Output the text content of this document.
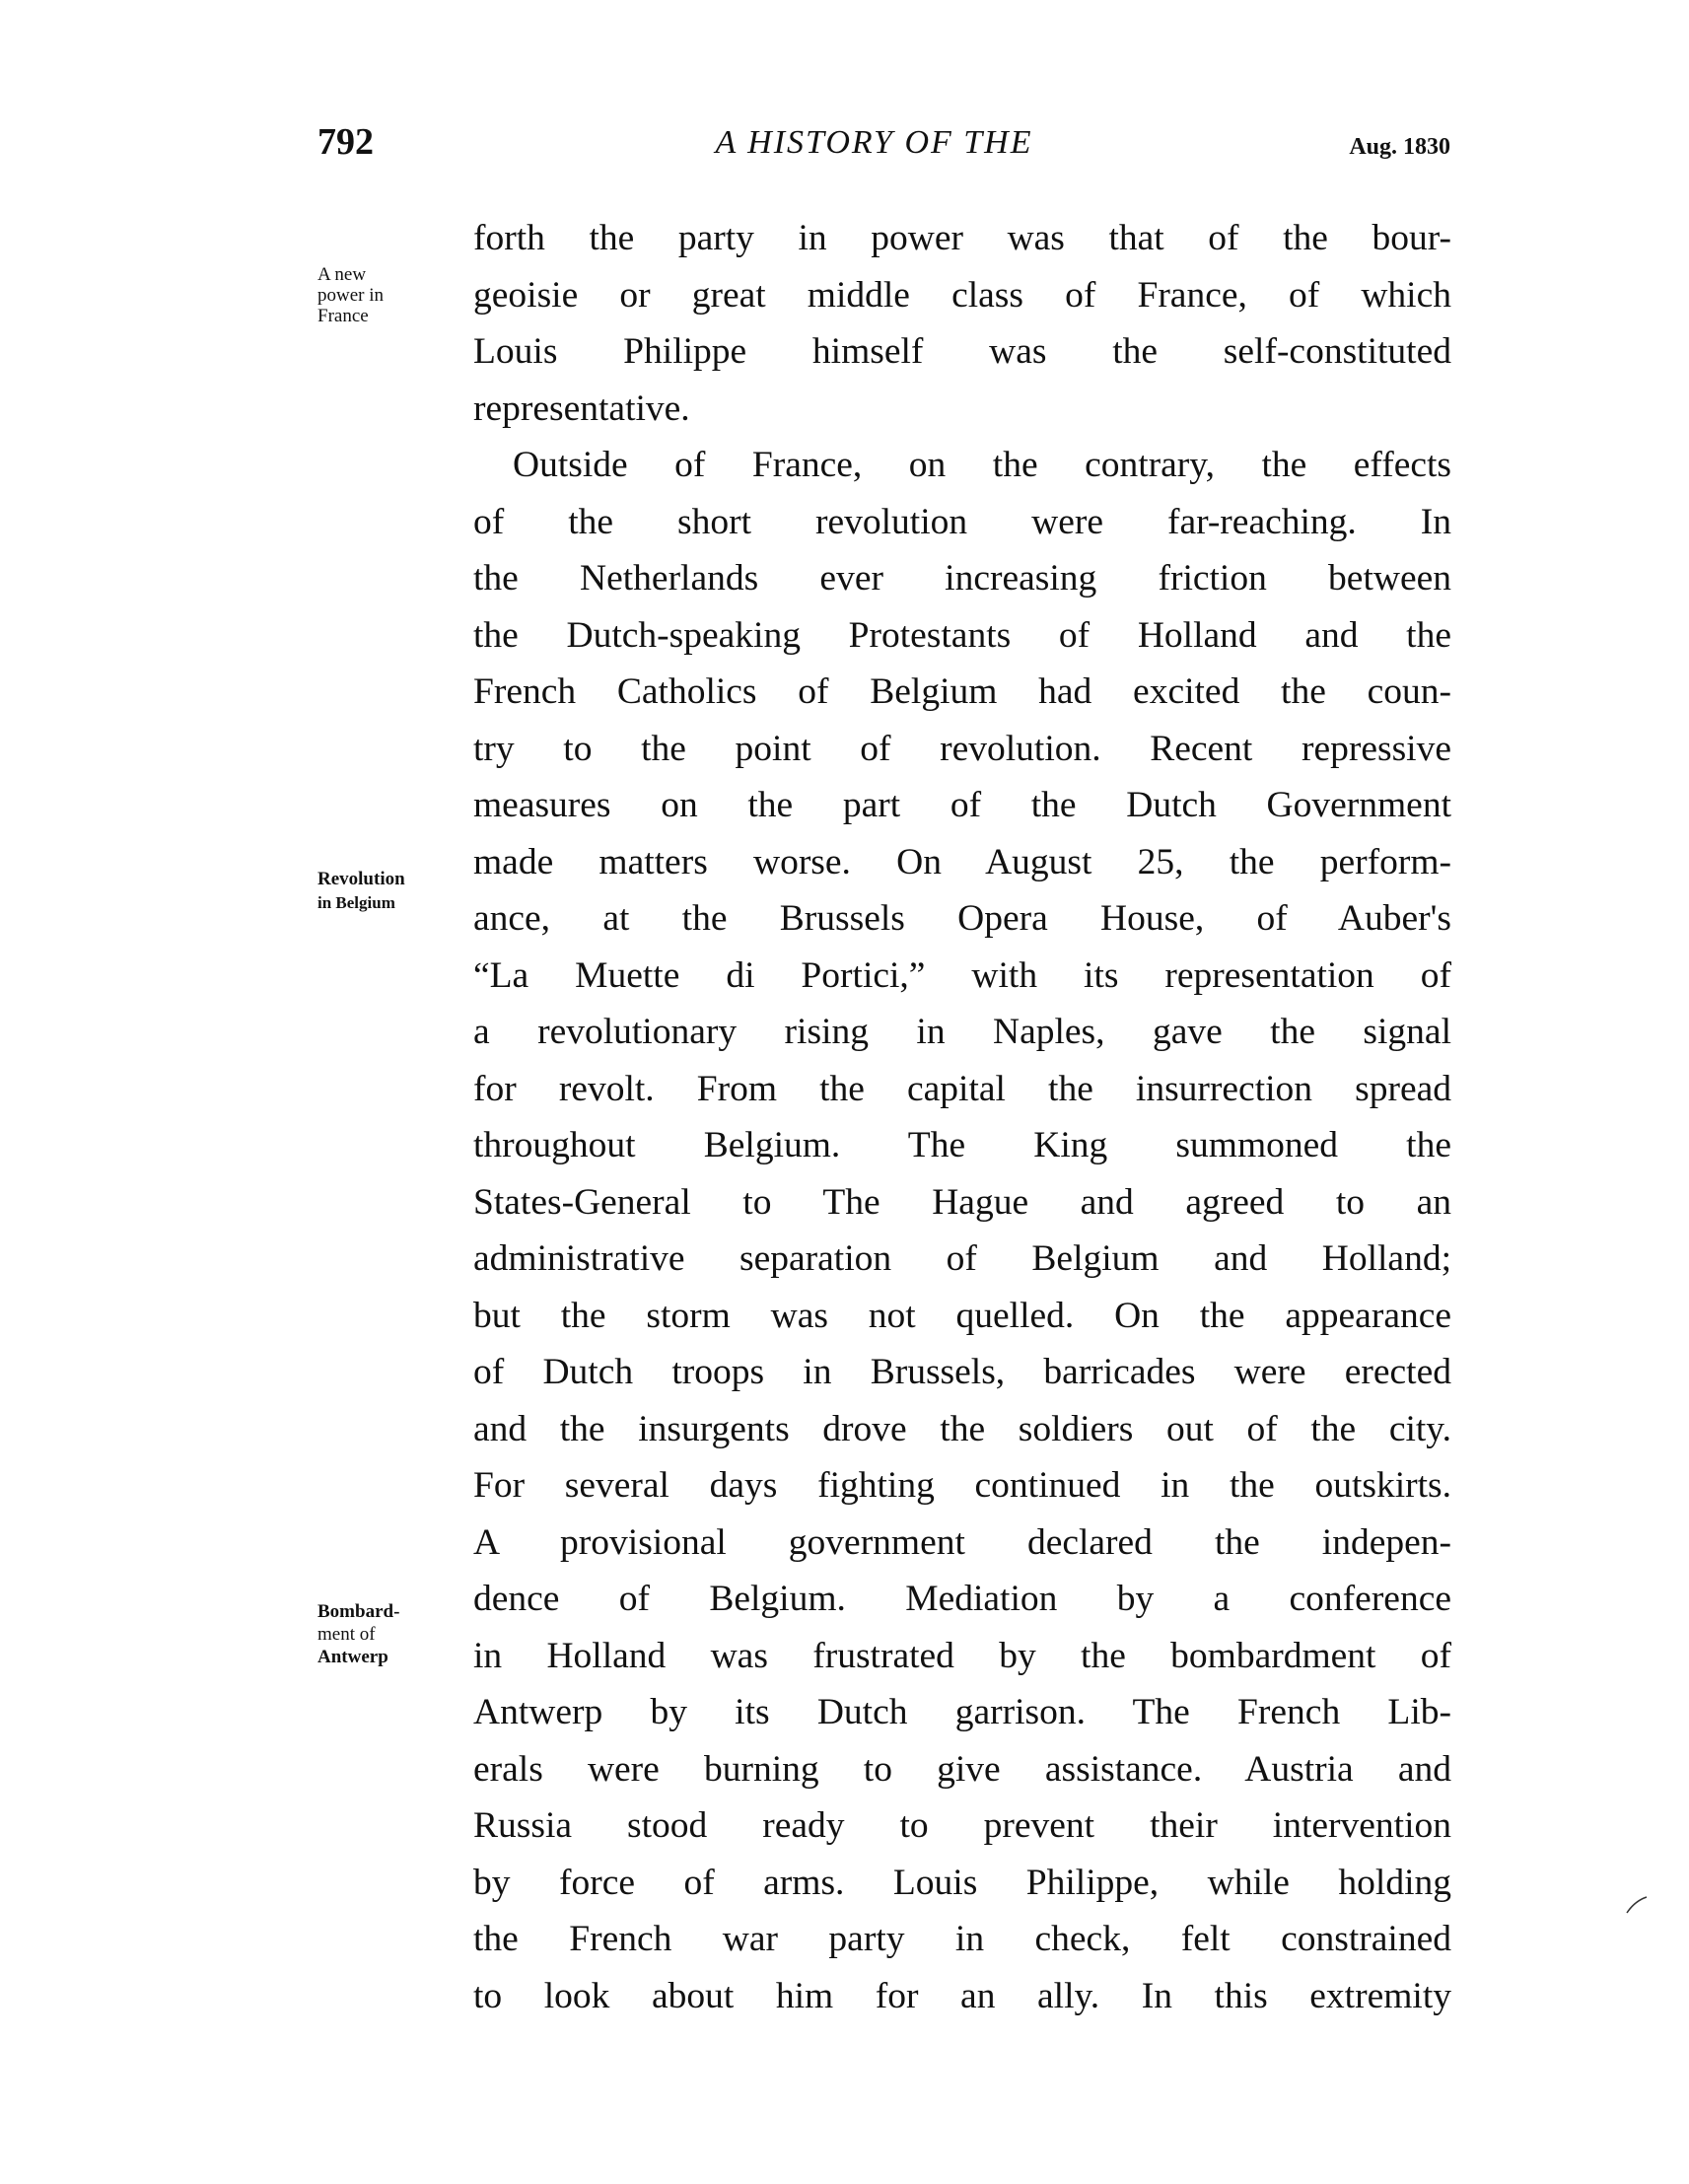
792	A HISTORY OF THE	Aug. 1830
forth the party in power was that of the bour-
geoisie or great middle class of France, of which
Louis Philippe himself was the self-constituted
representative.
Outside of France, on the contrary, the effects
of the short revolution were far-reaching. In
the Netherlands ever increasing friction between
the Dutch-speaking Protestants of Holland and the
French Catholics of Belgium had excited the coun-
try to the point of revolution. Recent repressive
measures on the part of the Dutch Government
made matters worse. On August 25, the perform-
ance, at the Brussels Opera House, of Auber's
“La Muette di Portici,” with its representation of
a revolutionary rising in Naples, gave the signal
for revolt. From the capital the insurrection spread
throughout Belgium. The King summoned the
States-General to The Hague and agreed to an
administrative separation of Belgium and Holland;
but the storm was not quelled. On the appearance
of Dutch troops in Brussels, barricades were erected
and the insurgents drove the soldiers out of the city.
For several days fighting continued in the outskirts.
A provisional government declared the indepen-
dence of Belgium. Mediation by a conference
in Holland was frustrated by the bombardment of
Antwerp by its Dutch garrison. The French Lib-
erals were burning to give assistance. Austria and
Russia stood ready to prevent their intervention
by force of arms. Louis Philippe, while holding
the French war party in check, felt constrained
to look about him for an ally. In this extremity
A new
power in
France
Revolution
in Belgium
Bombard-
ment of
Antwerp
